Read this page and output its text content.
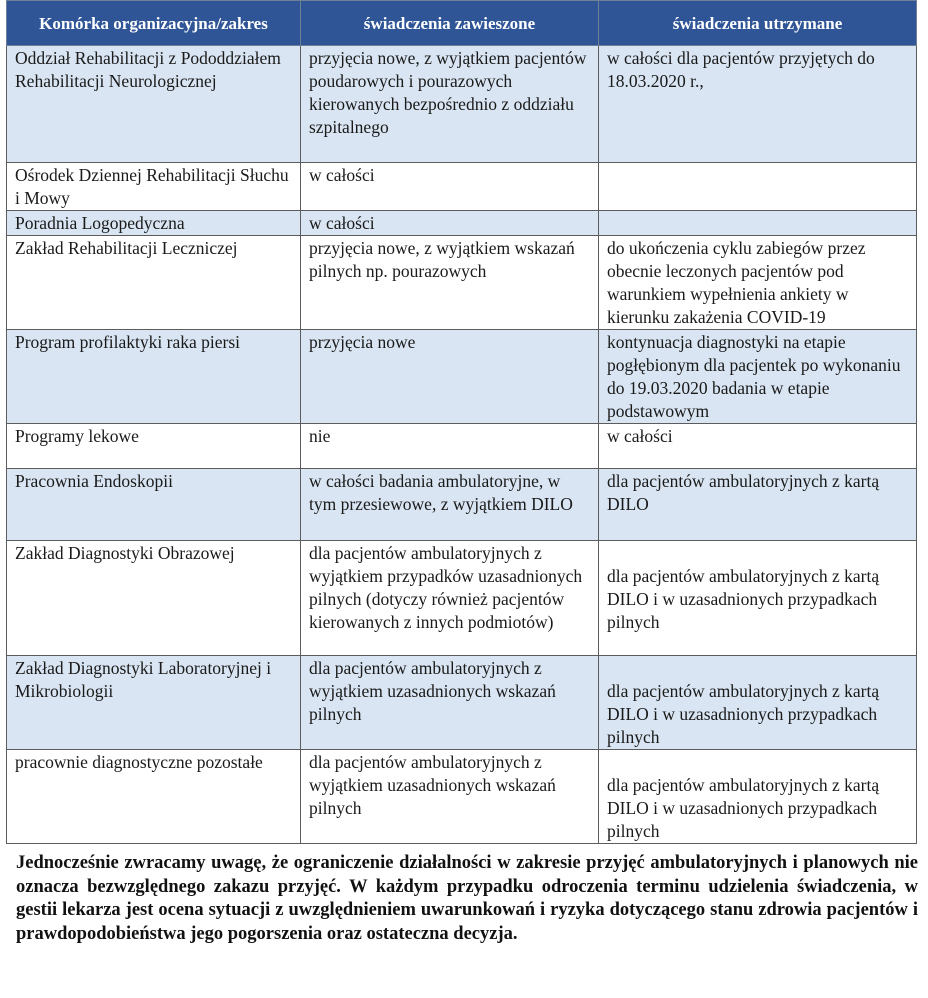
Komórka organizacyjna/zakres	świadczenia zawieszone	świadczenia utrzymane
Oddział Rehabilitacji z Pododdziałem Rehabilitacji Neurologicznej	przyjęcia nowe, z wyjątkiem pacjentów poudarowych i pourazowych kierowanych bezpośrednio z oddziału szpitalnego	w całości dla pacjentów przyjętych do 18.03.2020 r.,
Ośrodek Dziennej Rehabilitacji Słuchu i Mowy	w całości	
Poradnia Logopedyczna	w całości	
Zakład Rehabilitacji Leczniczej	przyjęcia nowe, z wyjątkiem wskazań pilnych np. pourazowych	do ukończenia cyklu zabiegów przez obecnie leczonych pacjentów pod warunkiem wypełnienia ankiety w kierunku zakażenia COVID-19
Program profilaktyki raka piersi	przyjęcia nowe	kontynuacja diagnostyki na etapie pogłębionym dla pacjentek po wykonaniu do 19.03.2020 badania w etapie podstawowym
Programy lekowe	nie	w całości
Pracownia Endoskopii	w całości badania ambulatoryjne, w tym przesiewowe, z wyjątkiem DILO	dla pacjentów ambulatoryjnych z kartą DILO
Zakład Diagnostyki Obrazowej	dla pacjentów ambulatoryjnych z wyjątkiem przypadków uzasadnionych pilnych (dotyczy również pacjentów kierowanych z innych podmiotów)	dla pacjentów ambulatoryjnych z kartą DILO i w uzasadnionych przypadkach pilnych
Zakład Diagnostyki Laboratoryjnej i Mikrobiologii	dla pacjentów ambulatoryjnych z wyjątkiem uzasadnionych wskazań pilnych	dla pacjentów ambulatoryjnych z kartą DILO i w uzasadnionych przypadkach pilnych
pracownie diagnostyczne pozostałe	dla pacjentów ambulatoryjnych z wyjątkiem uzasadnionych wskazań pilnych	dla pacjentów ambulatoryjnych z kartą DILO i w uzasadnionych przypadkach pilnych

Jednocześnie zwracamy uwagę, że ograniczenie działalności w zakresie przyjęć ambulatoryjnych i planowych nie oznacza bezwzględnego zakazu przyjęć. W każdym przypadku odroczenia terminu udzielenia świadczenia, w gestii lekarza jest ocena sytuacji z uwzględnieniem uwarunkowań i ryzyka dotyczącego stanu zdrowia pacjentów i prawdopodobieństwa jego pogorszenia oraz ostateczna decyzja.
